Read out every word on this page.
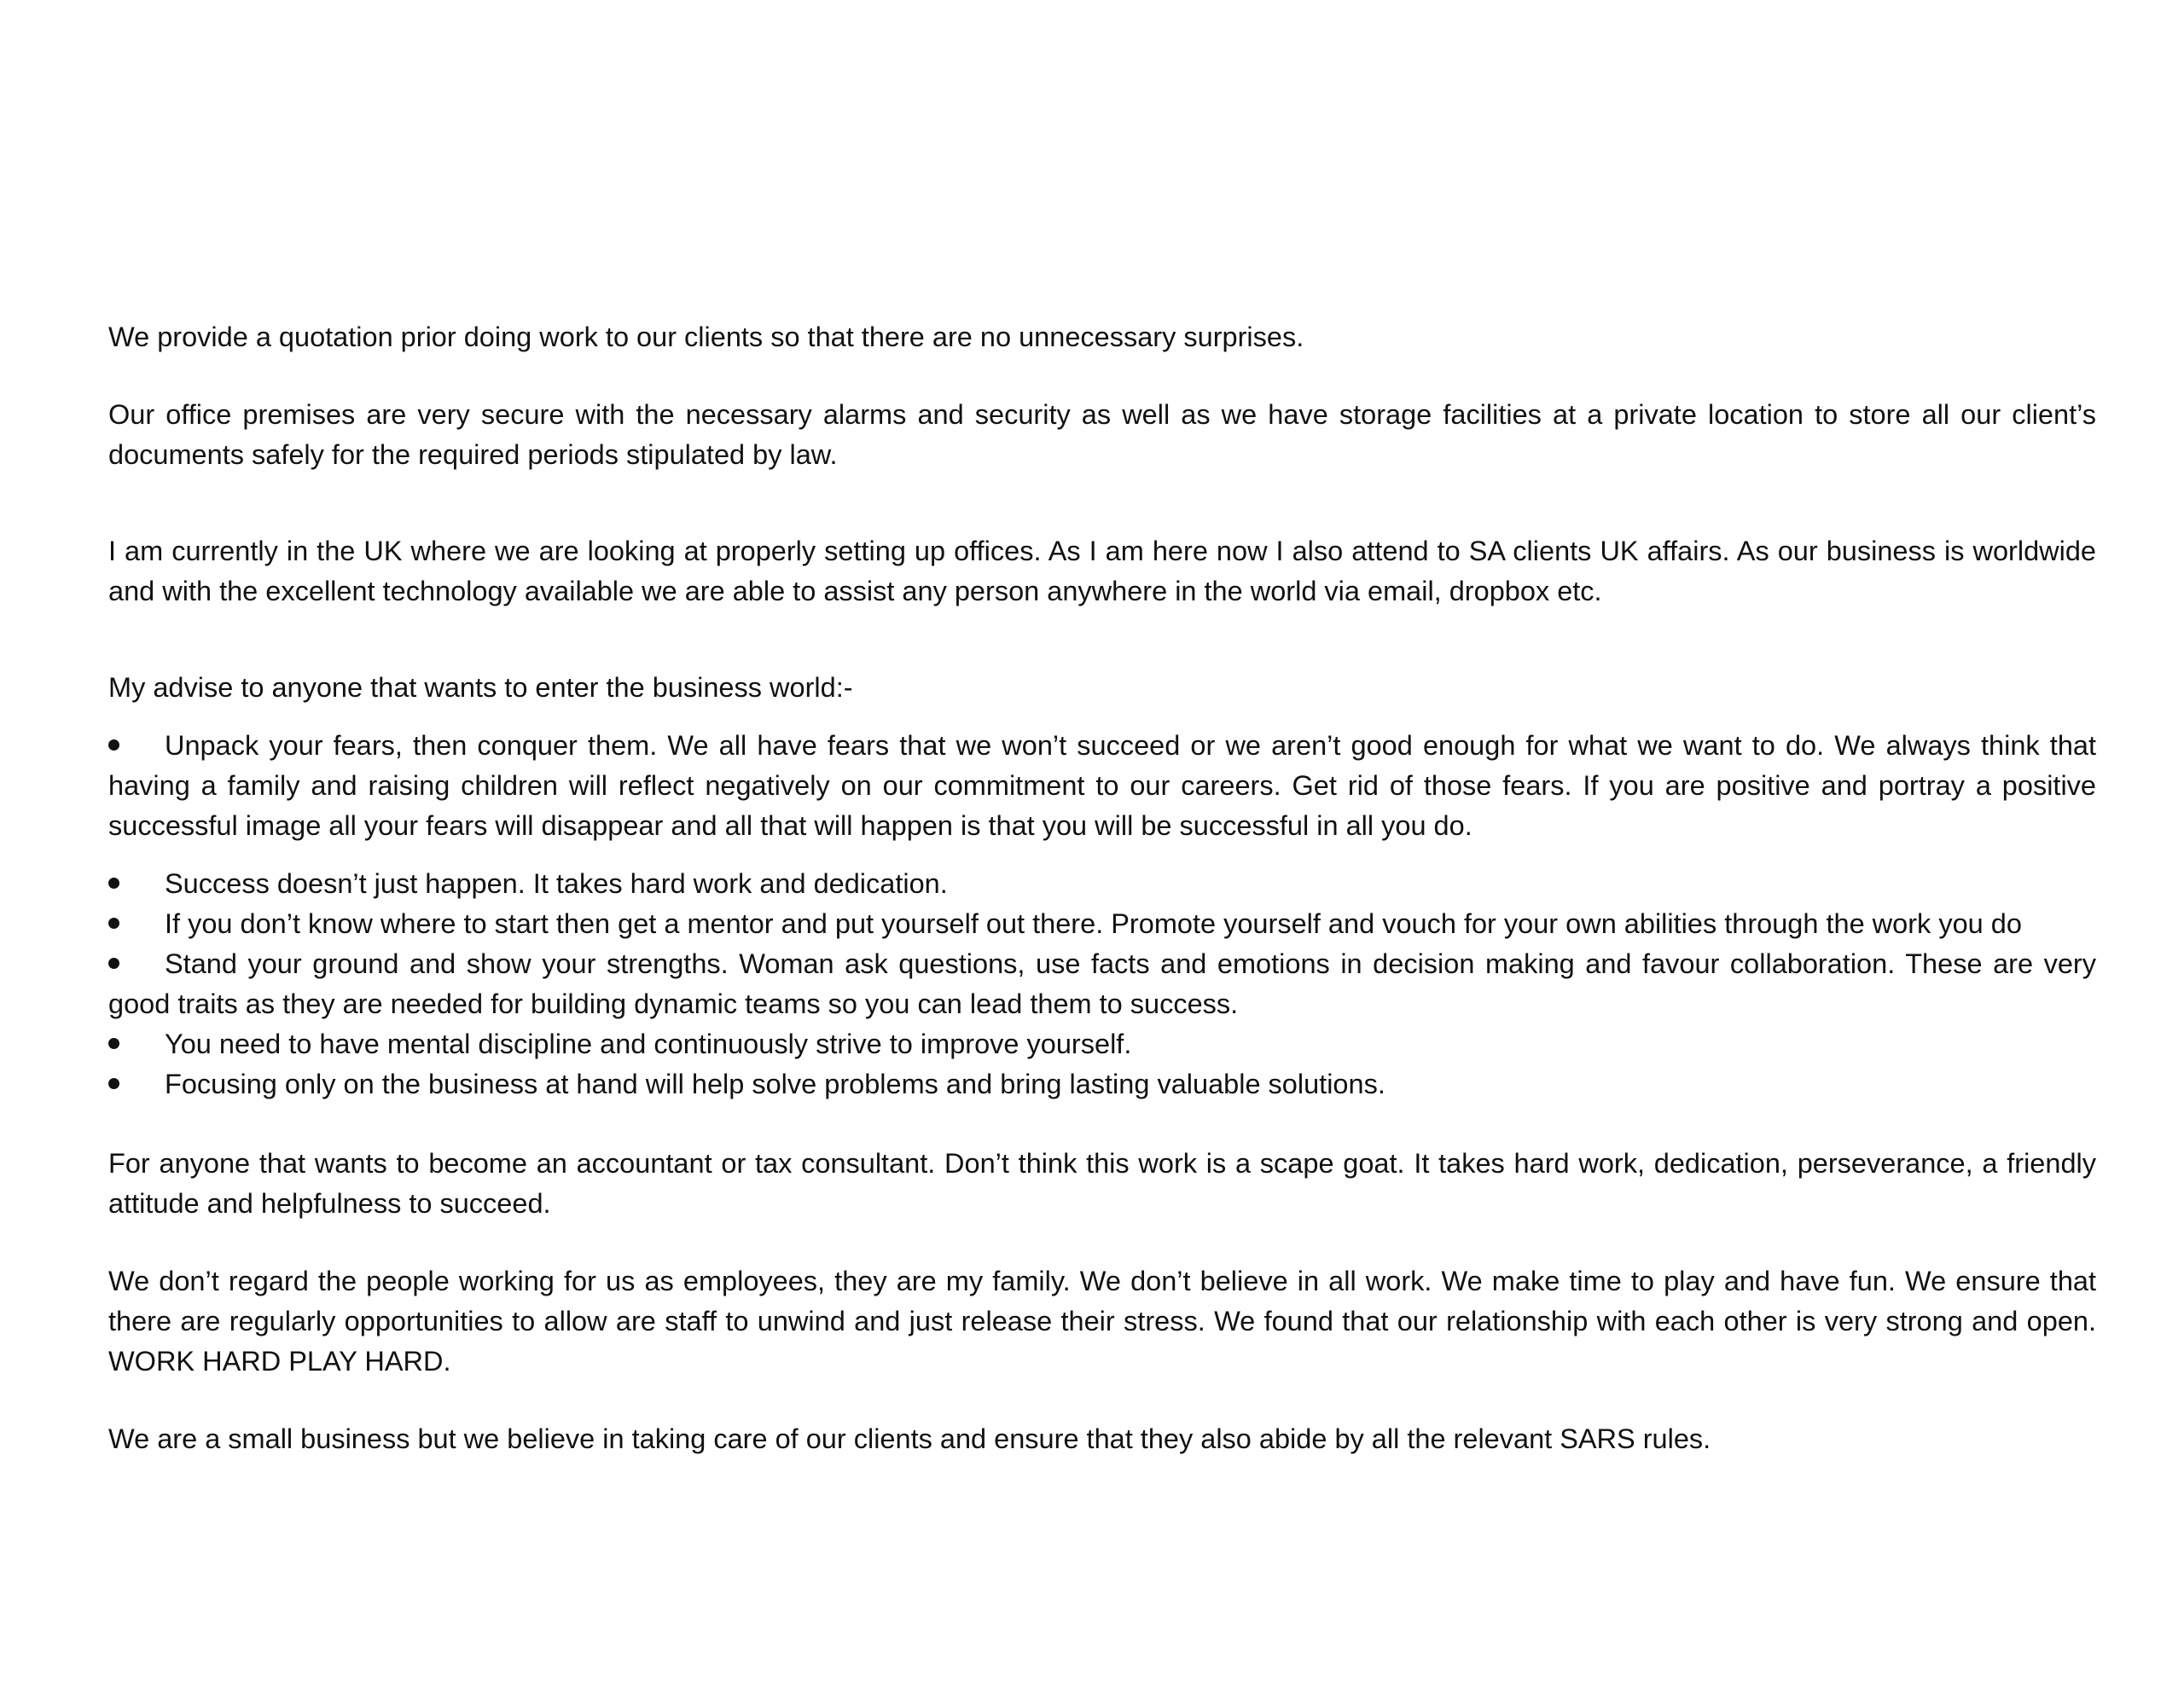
We provide a quotation prior doing work to our clients so that there are no unnecessary surprises.

Our office premises are very secure with the necessary alarms and security as well as we have storage facilities at a private location to store all our client’s documents safely for the required periods stipulated by law.

I am currently in the UK where we are looking at properly setting up offices. As I am here now I also attend to SA clients UK affairs. As our business is worldwide and with the excellent technology available we are able to assist any person anywhere in the world via email, dropbox etc.

My advise to anyone that wants to enter the business world:-

Unpack your fears, then conquer them. We all have fears that we won’t succeed or we aren’t good enough for what we want to do. We always think that having a family and raising children will reflect negatively on our commitment to our careers. Get rid of those fears. If you are positive and portray a positive successful image all your fears will disappear and all that will happen is that you will be successful in all you do.
Success doesn’t just happen. It takes hard work and dedication.
If you don’t know where to start then get a mentor and put yourself out there. Promote yourself and vouch for your own abilities through the work you do
Stand your ground and show your strengths. Woman ask questions, use facts and emotions in decision making and favour collaboration. These are very good traits as they are needed for building dynamic teams so you can lead them to success.
You need to have mental discipline and continuously strive to improve yourself.
Focusing only on the business at hand will help solve problems and bring lasting valuable solutions.

For anyone that wants to become an accountant or tax consultant. Don’t think this work is a scape goat. It takes hard work, dedication, perseverance, a friendly attitude and helpfulness to succeed.

We don’t regard the people working for us as employees, they are my family. We don’t believe in all work. We make time to play and have fun. We ensure that there are regularly opportunities to allow are staff to unwind and just release their stress. We found that our relationship with each other is very strong and open. WORK HARD PLAY HARD.

We are a small business but we believe in taking care of our clients and ensure that they also abide by all the relevant SARS rules.
